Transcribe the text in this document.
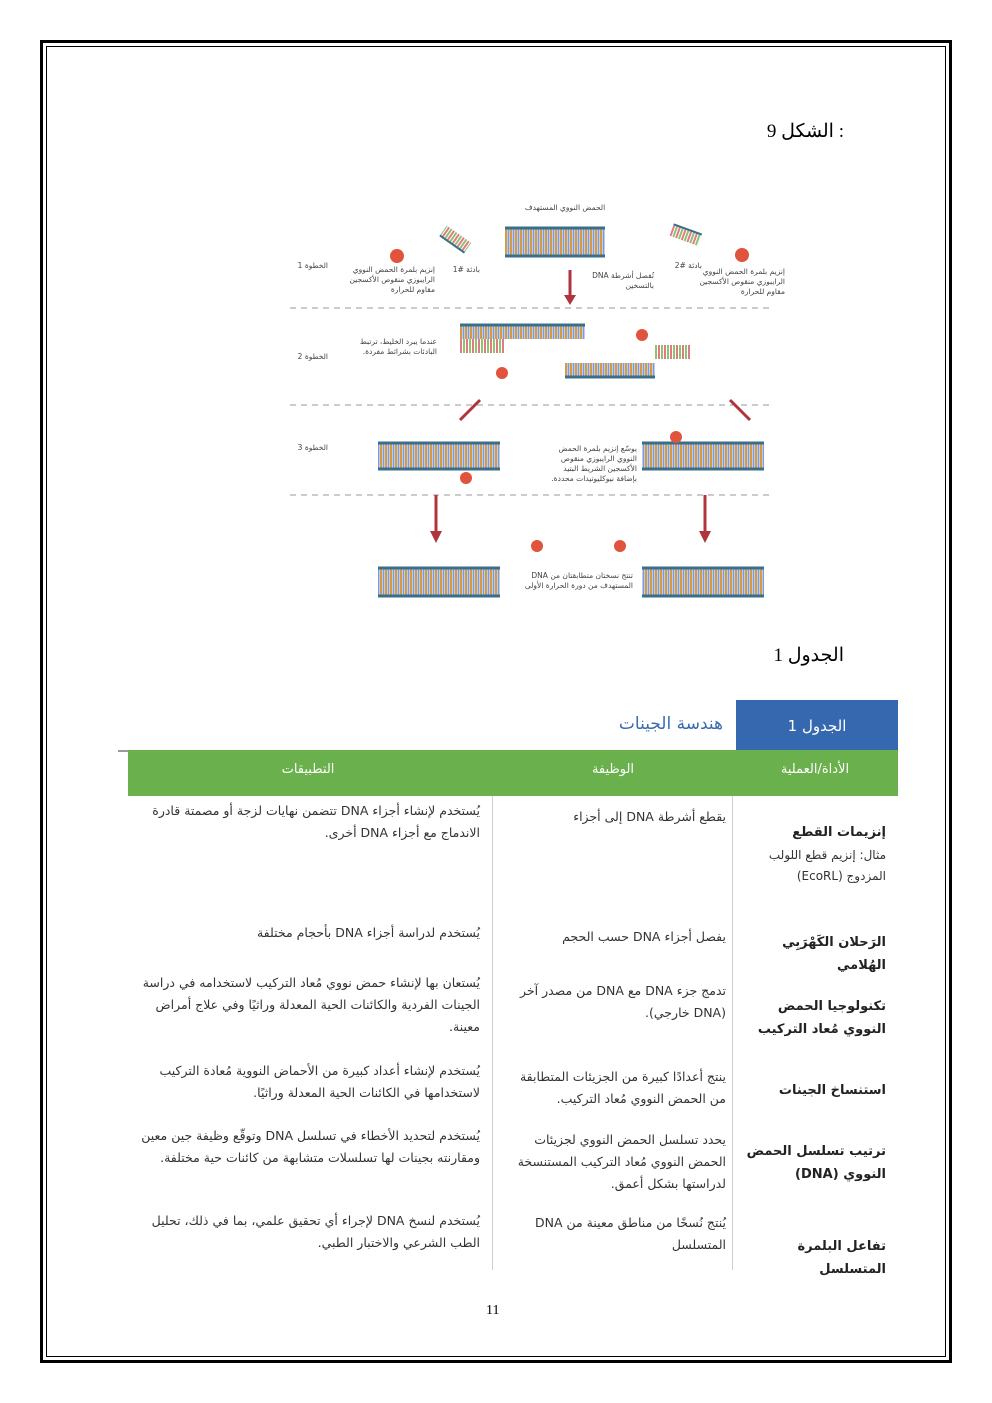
: الشكل 9
الحمض النووي المستهدف
الخطوة 1
الخطوة 2
الخطوة 3
بادئة #1	بادئة #2
إنزيم بلمرة الحمض النووي الرايبوزي منقوص الأكسجين مقاوم للحرارة
إنزيم بلمرة الحمض النووي الرايبوزي منقوص الأكسجين مقاوم للحرارة
تُفصل أشرطة DNA بالتسخين
عندما يبرد الخليط، ترتبط البادئات بشرائط مفردة.
يوسّع إنزيم بلمرة الحمض النووي الرايبوزي منقوص الأكسجين الشريط البتيد بإضافة نيوكليوتيدات محددة.
تنتج نسختان متطابقتان من DNA المستهدف من دورة الحرارة الأولى
الجدول 1
الجدول 1
هندسة الجينات
الأداة/العملية
الوظيفة
التطبيقات
إنزيمات القطع
مثال: إنزيم قطع اللولب المزدوج (EcoRL)
يقطع أشرطة DNA إلى أجزاء
يُستخدم لإنشاء أجزاء DNA تتضمن نهايات لزجة أو مصمتة قادرة الاندماج مع أجزاء DNA أخرى.
الرَحلان الكَهْرَبِي الهُلامي
يفصل أجزاء DNA حسب الحجم
يُستخدم لدراسة أجزاء DNA بأحجام مختلفة
تكنولوجيا الحمض النووي مُعاد التركيب
تدمج جزء DNA مع DNA من مصدر آخر (DNA خارجي).
يُستعان بها لإنشاء حمض نووي مُعاد التركيب لاستخدامه في دراسة الجينات الفردية والكائنات الحية المعدلة وراثيًا وفي علاج أمراض معينة.
استنساخ الجينات
ينتج أعدادًا كبيرة من الجزيئات المتطابقة من الحمض النووي مُعاد التركيب.
يُستخدم لإنشاء أعداد كبيرة من الأحماض النووية مُعادة التركيب لاستخدامها في الكائنات الحية المعدلة وراثيًا.
ترتيب تسلسل الحمض النووي (DNA)
يحدد تسلسل الحمض النووي لجزيئات الحمض النووي مُعاد التركيب المستنسخة لدراستها بشكل أعمق.
يُستخدم لتحديد الأخطاء في تسلسل DNA وتوقّع وظيفة جين معين ومقارنته بجينات لها تسلسلات متشابهة من كائنات حية مختلفة.
تفاعل البلمرة المتسلسل
يُنتج نُسخًا من مناطق معينة من DNA المتسلسل
يُستخدم لنسخ DNA لإجراء أي تحقيق علمي، بما في ذلك، تحليل الطب الشرعي والاختبار الطبي.
11
